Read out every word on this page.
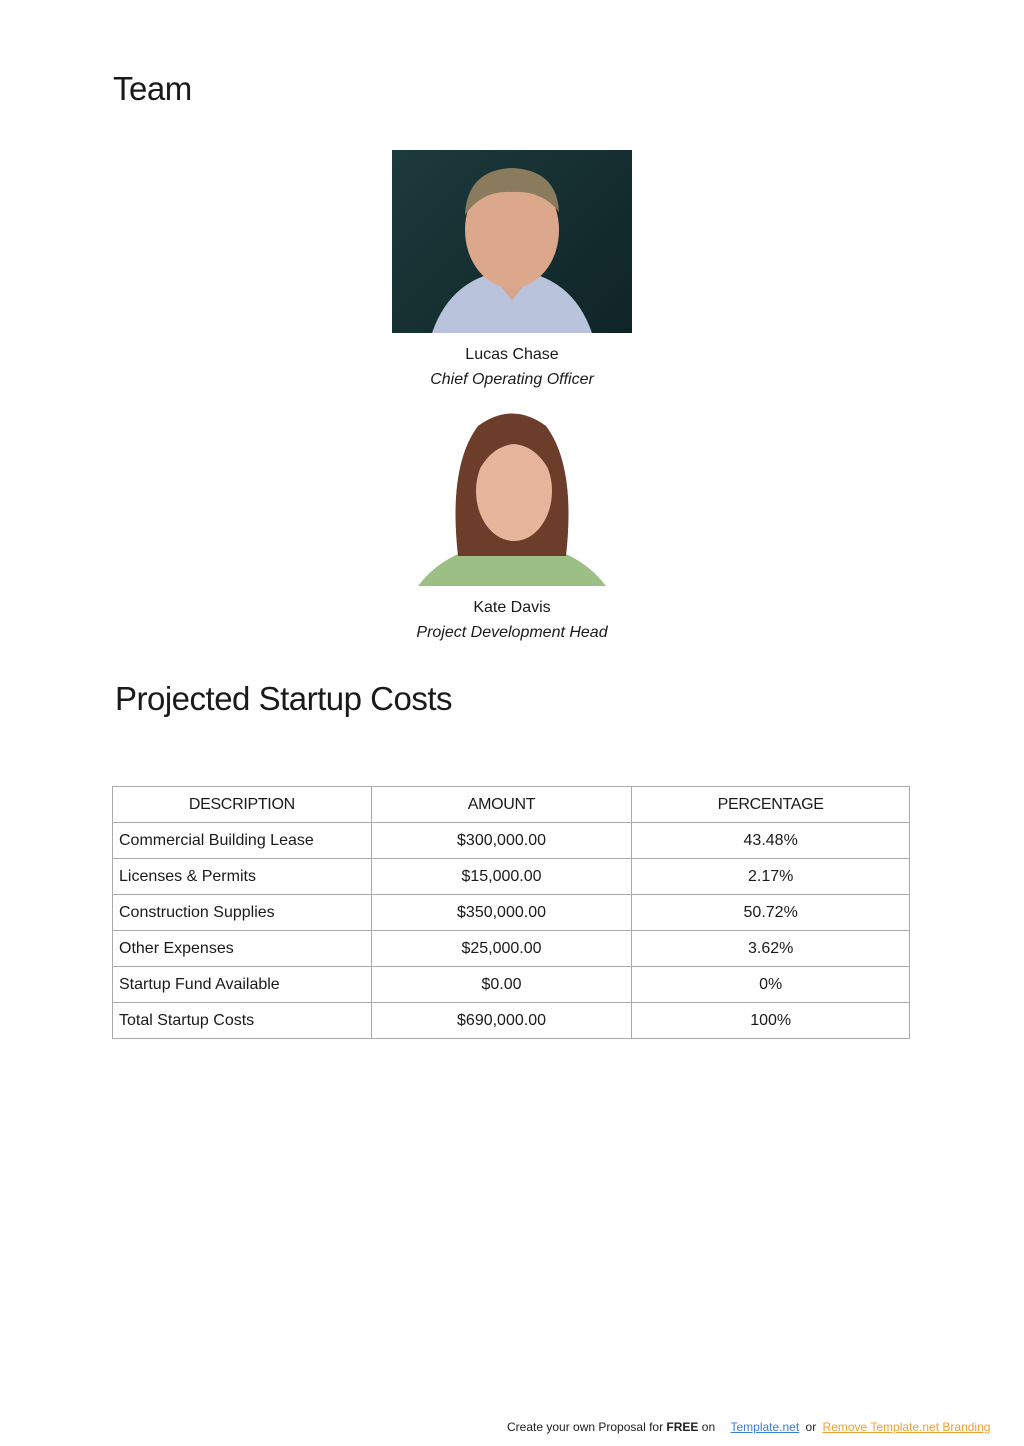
Team
Lucas Chase
Chief Operating Officer
Kate Davis
Project Development Head
Projected Startup Costs
DESCRIPTION	AMOUNT	PERCENTAGE
Commercial Building Lease	$300,000.00	43.48%
Licenses & Permits	$15,000.00	2.17%
Construction Supplies	$350,000.00	50.72%
Other Expenses	$25,000.00	3.62%
Startup Fund Available	$0.00	0%
Total Startup Costs	$690,000.00	100%
Create your own Proposal for FREE on Template.net or Remove Template.net Branding
